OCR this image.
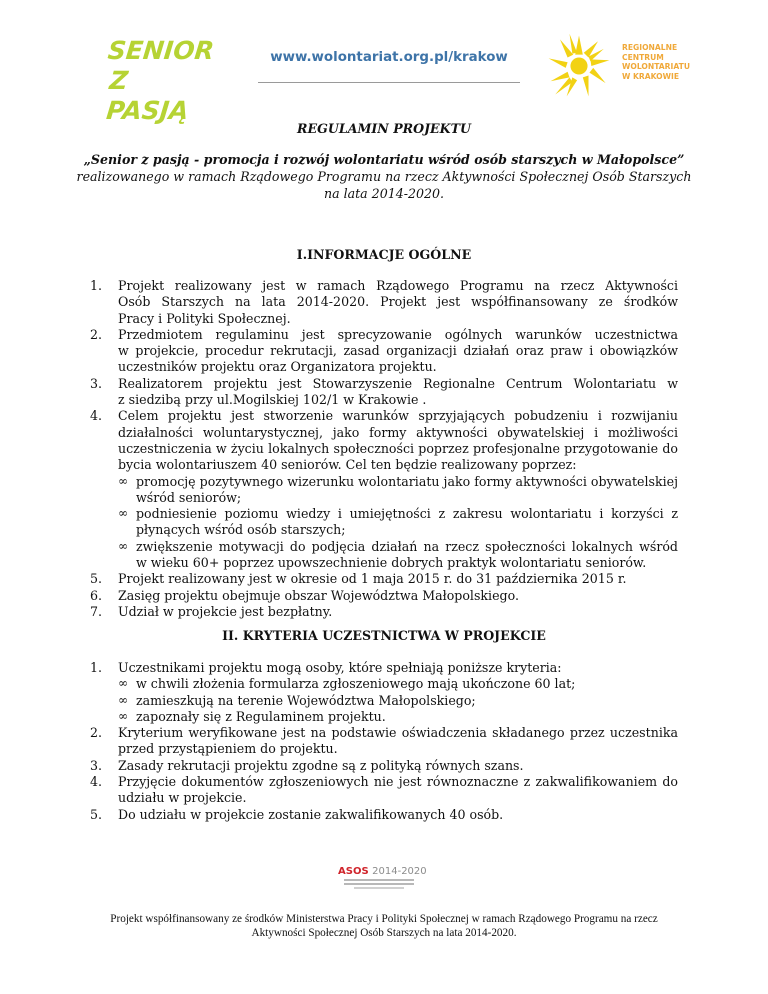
SENIOR
Z PASJĄ
www.wolontariat.org.pl/krakow
REGIONALNE
CENTRUM
WOLONTARIATU
W KRAKOWIE
REGULAMIN PROJEKTU
„Senior z pasją - promocja i rozwój wolontariatu wśród osób starszych w Małopolsce”
realizowanego w ramach Rządowego Programu na rzecz Aktywności Społecznej Osób Starszych
na lata 2014-2020.
I.INFORMACJE OGÓLNE
1. Projekt realizowany jest w ramach Rządowego Programu na rzecz Aktywności
Osób Starszych na lata 2014-2020. Projekt jest współfinansowany ze środków
Pracy i Polityki Społecznej.
2. Przedmiotem regulaminu jest sprecyzowanie ogólnych warunków uczestnictwa
w projekcie, procedur rekrutacji, zasad organizacji działań oraz praw i obowiązków
uczestników projektu oraz Organizatora projektu.
3. Realizatorem projektu jest Stowarzyszenie Regionalne Centrum Wolontariatu w
z siedzibą przy ul.Mogilskiej 102/1 w Krakowie .
4. Celem projektu jest stworzenie warunków sprzyjających pobudzeniu i rozwijaniu
działalności woluntarystycznej, jako formy aktywności obywatelskiej i możliwości
uczestniczenia w życiu lokalnych społeczności poprzez profesjonalne przygotowanie do
bycia wolontariuszem 40 seniorów. Cel ten będzie realizowany poprzez:
∞ promocję pozytywnego wizerunku wolontariatu jako formy aktywności obywatelskiej
wśród seniorów;
∞ podniesienie poziomu wiedzy i umiejętności z zakresu wolontariatu i korzyści z
płynących wśród osób starszych;
∞ zwiększenie motywacji do podjęcia działań na rzecz społeczności lokalnych wśród
w wieku 60+ poprzez upowszechnienie dobrych praktyk wolontariatu seniorów.
5. Projekt realizowany jest w okresie od 1 maja 2015 r. do 31 października 2015 r.
6. Zasięg projektu obejmuje obszar Województwa Małopolskiego.
7. Udział w projekcie jest bezpłatny.
II. KRYTERIA UCZESTNICTWA W PROJEKCIE
1. Uczestnikami projektu mogą osoby, które spełniają poniższe kryteria:
∞ w chwili złożenia formularza zgłoszeniowego mają ukończone 60 lat;
∞ zamieszkują na terenie Województwa Małopolskiego;
∞ zapoznały się z Regulaminem projektu.
2. Kryterium weryfikowane jest na podstawie oświadczenia składanego przez uczestnika
przed przystąpieniem do projektu.
3. Zasady rekrutacji projektu zgodne są z polityką równych szans.
4. Przyjęcie dokumentów zgłoszeniowych nie jest równoznaczne z zakwalifikowaniem do
udziału w projekcie.
5. Do udziału w projekcie zostanie zakwalifikowanych 40 osób.
ASOS 2014-2020
Projekt współfinansowany ze środków Ministerstwa Pracy i Polityki Społecznej w ramach Rządowego Programu na rzecz
Aktywności Społecznej Osób Starszych na lata 2014-2020.
